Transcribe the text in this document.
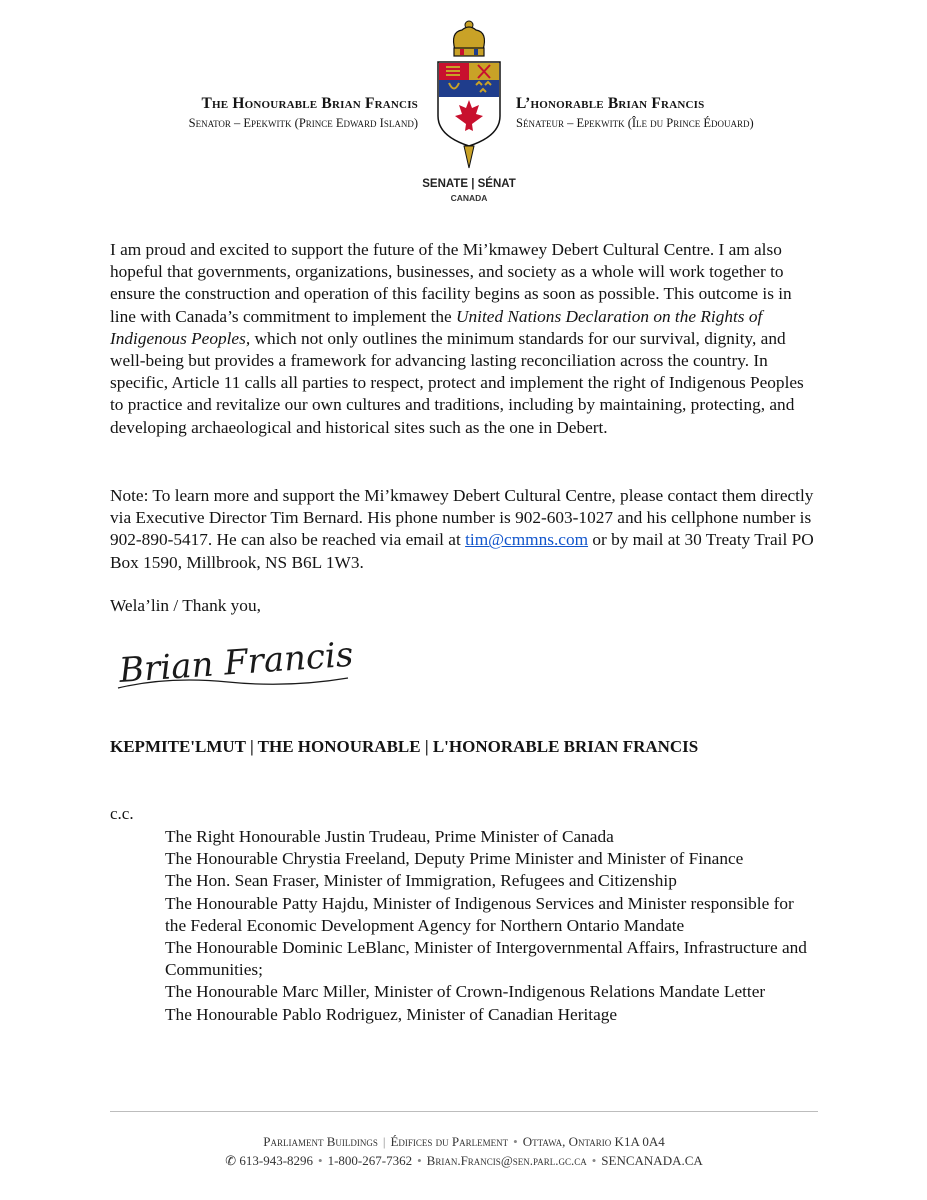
The Honourable Brian Francis
Senator – Epekwitk (Prince Edward Island)
SENATE | SÉNAT
CANADA
L’honorable Brian Francis
Sénateur – Epekwitk (Île du Prince Édouard)
I am proud and excited to support the future of the Mi’kmawey Debert Cultural Centre. I am also hopeful that governments, organizations, businesses, and society as a whole will work together to ensure the construction and operation of this facility begins as soon as possible. This outcome is in line with Canada’s commitment to implement the United Nations Declaration on the Rights of Indigenous Peoples, which not only outlines the minimum standards for our survival, dignity, and well-being but provides a framework for advancing lasting reconciliation across the country. In specific, Article 11 calls all parties to respect, protect and implement the right of Indigenous Peoples to practice and revitalize our own cultures and traditions, including by maintaining, protecting, and developing archaeological and historical sites such as the one in Debert.
Note: To learn more and support the Mi’kmawey Debert Cultural Centre, please contact them directly via Executive Director Tim Bernard. His phone number is 902-603-1027 and his cellphone number is 902-890-5417. He can also be reached via email at tim@cmmns.com or by mail at 30 Treaty Trail PO Box 1590, Millbrook, NS B6L 1W3.
Wela’lin / Thank you,
Brian Francis
KEPMITE'LMUT | THE HONOURABLE | L'HONORABLE BRIAN FRANCIS
c.c.

The Right Honourable Justin Trudeau, Prime Minister of Canada

The Honourable Chrystia Freeland, Deputy Prime Minister and Minister of Finance

The Hon. Sean Fraser, Minister of Immigration, Refugees and Citizenship

The Honourable Patty Hajdu, Minister of Indigenous Services and Minister responsible for the Federal Economic Development Agency for Northern Ontario Mandate

The Honourable Dominic LeBlanc, Minister of Intergovernmental Affairs, Infrastructure and Communities;

The Honourable Marc Miller, Minister of Crown-Indigenous Relations Mandate Letter

The Honourable Pablo Rodriguez, Minister of Canadian Heritage

Parliament Buildings | Édifices du Parlement • Ottawa, Ontario K1A 0A4
✆ 613-943-8296 • 1-800-267-7362 • Brian.Francis@sen.parl.gc.ca • SENCANADA.CA
